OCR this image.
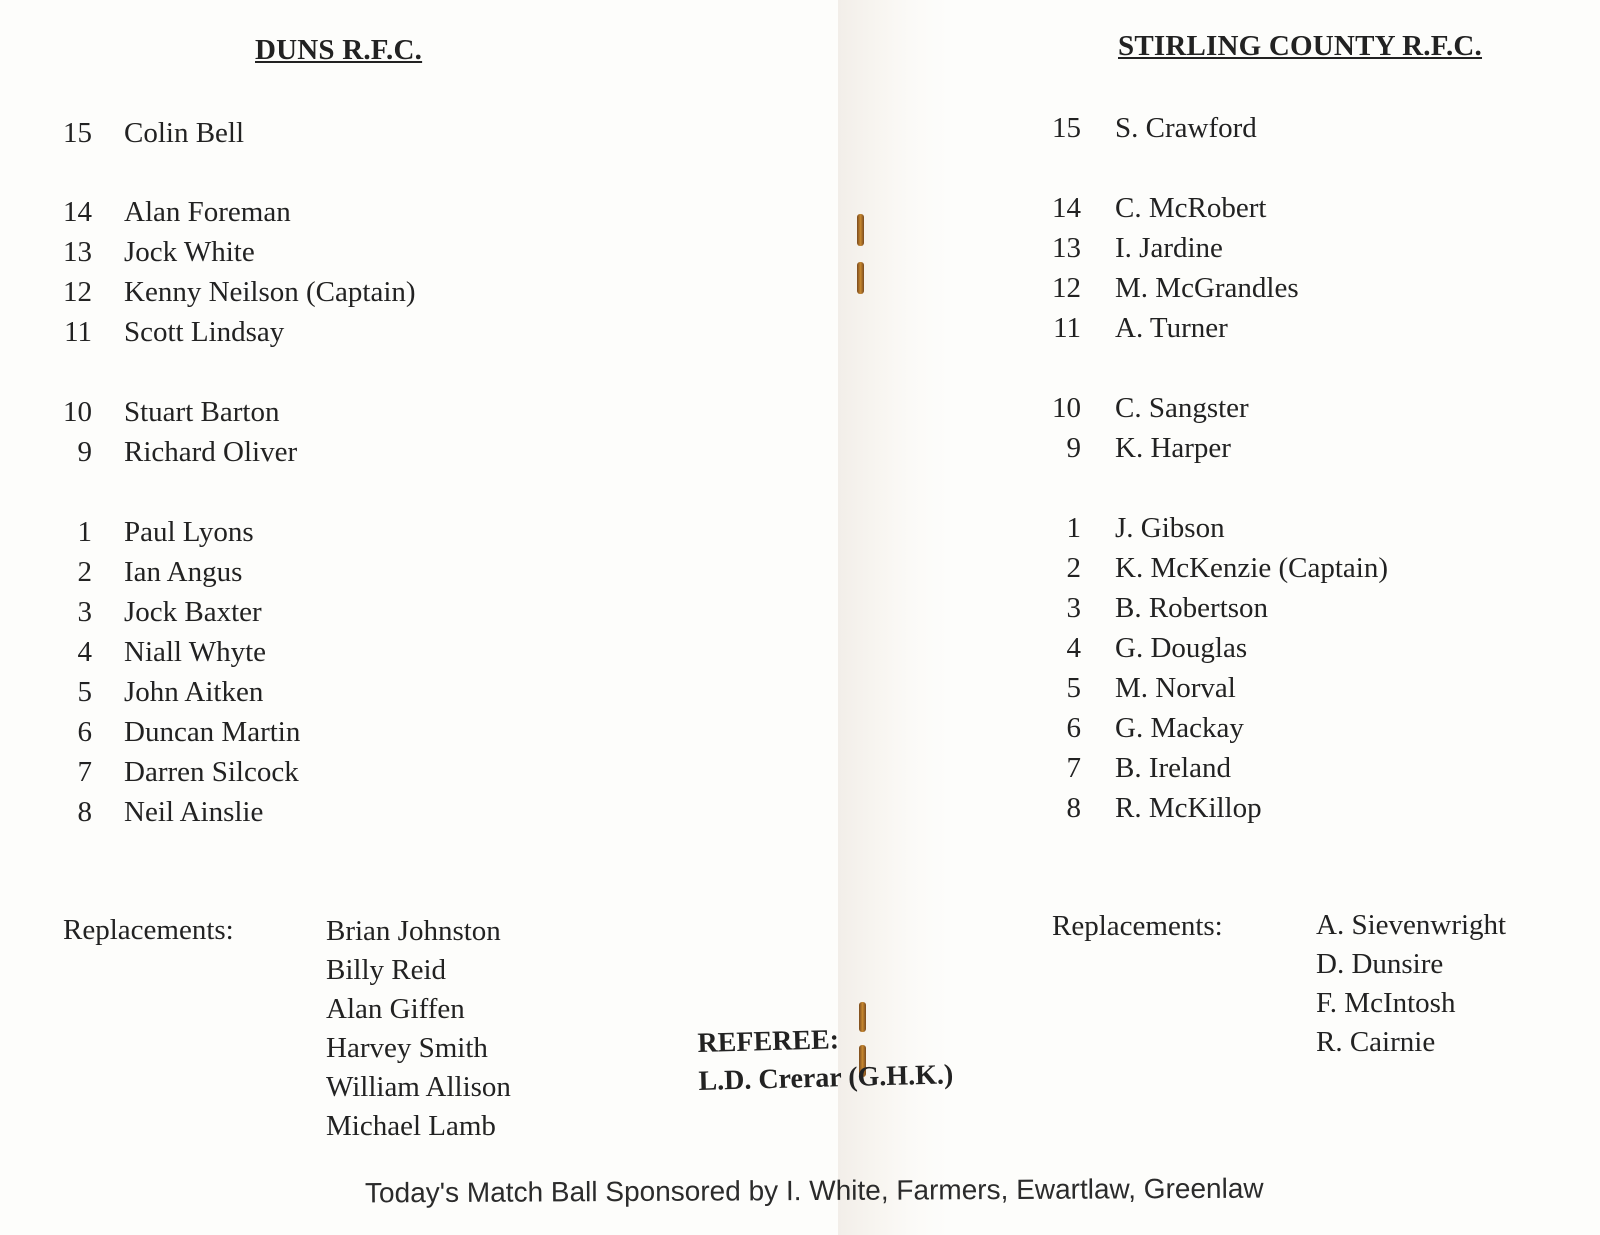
DUNS R.F.C.
15 Colin Bell
14 Alan Foreman
13 Jock White
12 Kenny Neilson (Captain)
11 Scott Lindsay
10 Stuart Barton
9 Richard Oliver
1 Paul Lyons
2 Ian Angus
3 Jock Baxter
4 Niall Whyte
5 John Aitken
6 Duncan Martin
7 Darren Silcock
8 Neil Ainslie

Replacements:	Brian Johnston
Billy Reid
Alan Giffen
Harvey Smith
William Allison
Michael Lamb
STIRLING COUNTY R.F.C.
15 S. Crawford
14 C. McRobert
13 I. Jardine
12 M. McGrandles
11 A. Turner
10 C. Sangster
9 K. Harper
1 J. Gibson
2 K. McKenzie (Captain)
3 B. Robertson
4 G. Douglas
5 M. Norval
6 G. Mackay
7 B. Ireland
8 R. McKillop

Replacements:	A. Sievenwright
D. Dunsire
F. McIntosh
R. Cairnie
REFEREE:
L.D. Crerar (G.H.K.)
Today's Match Ball Sponsored by I. White, Farmers, Ewartlaw, Greenlaw
